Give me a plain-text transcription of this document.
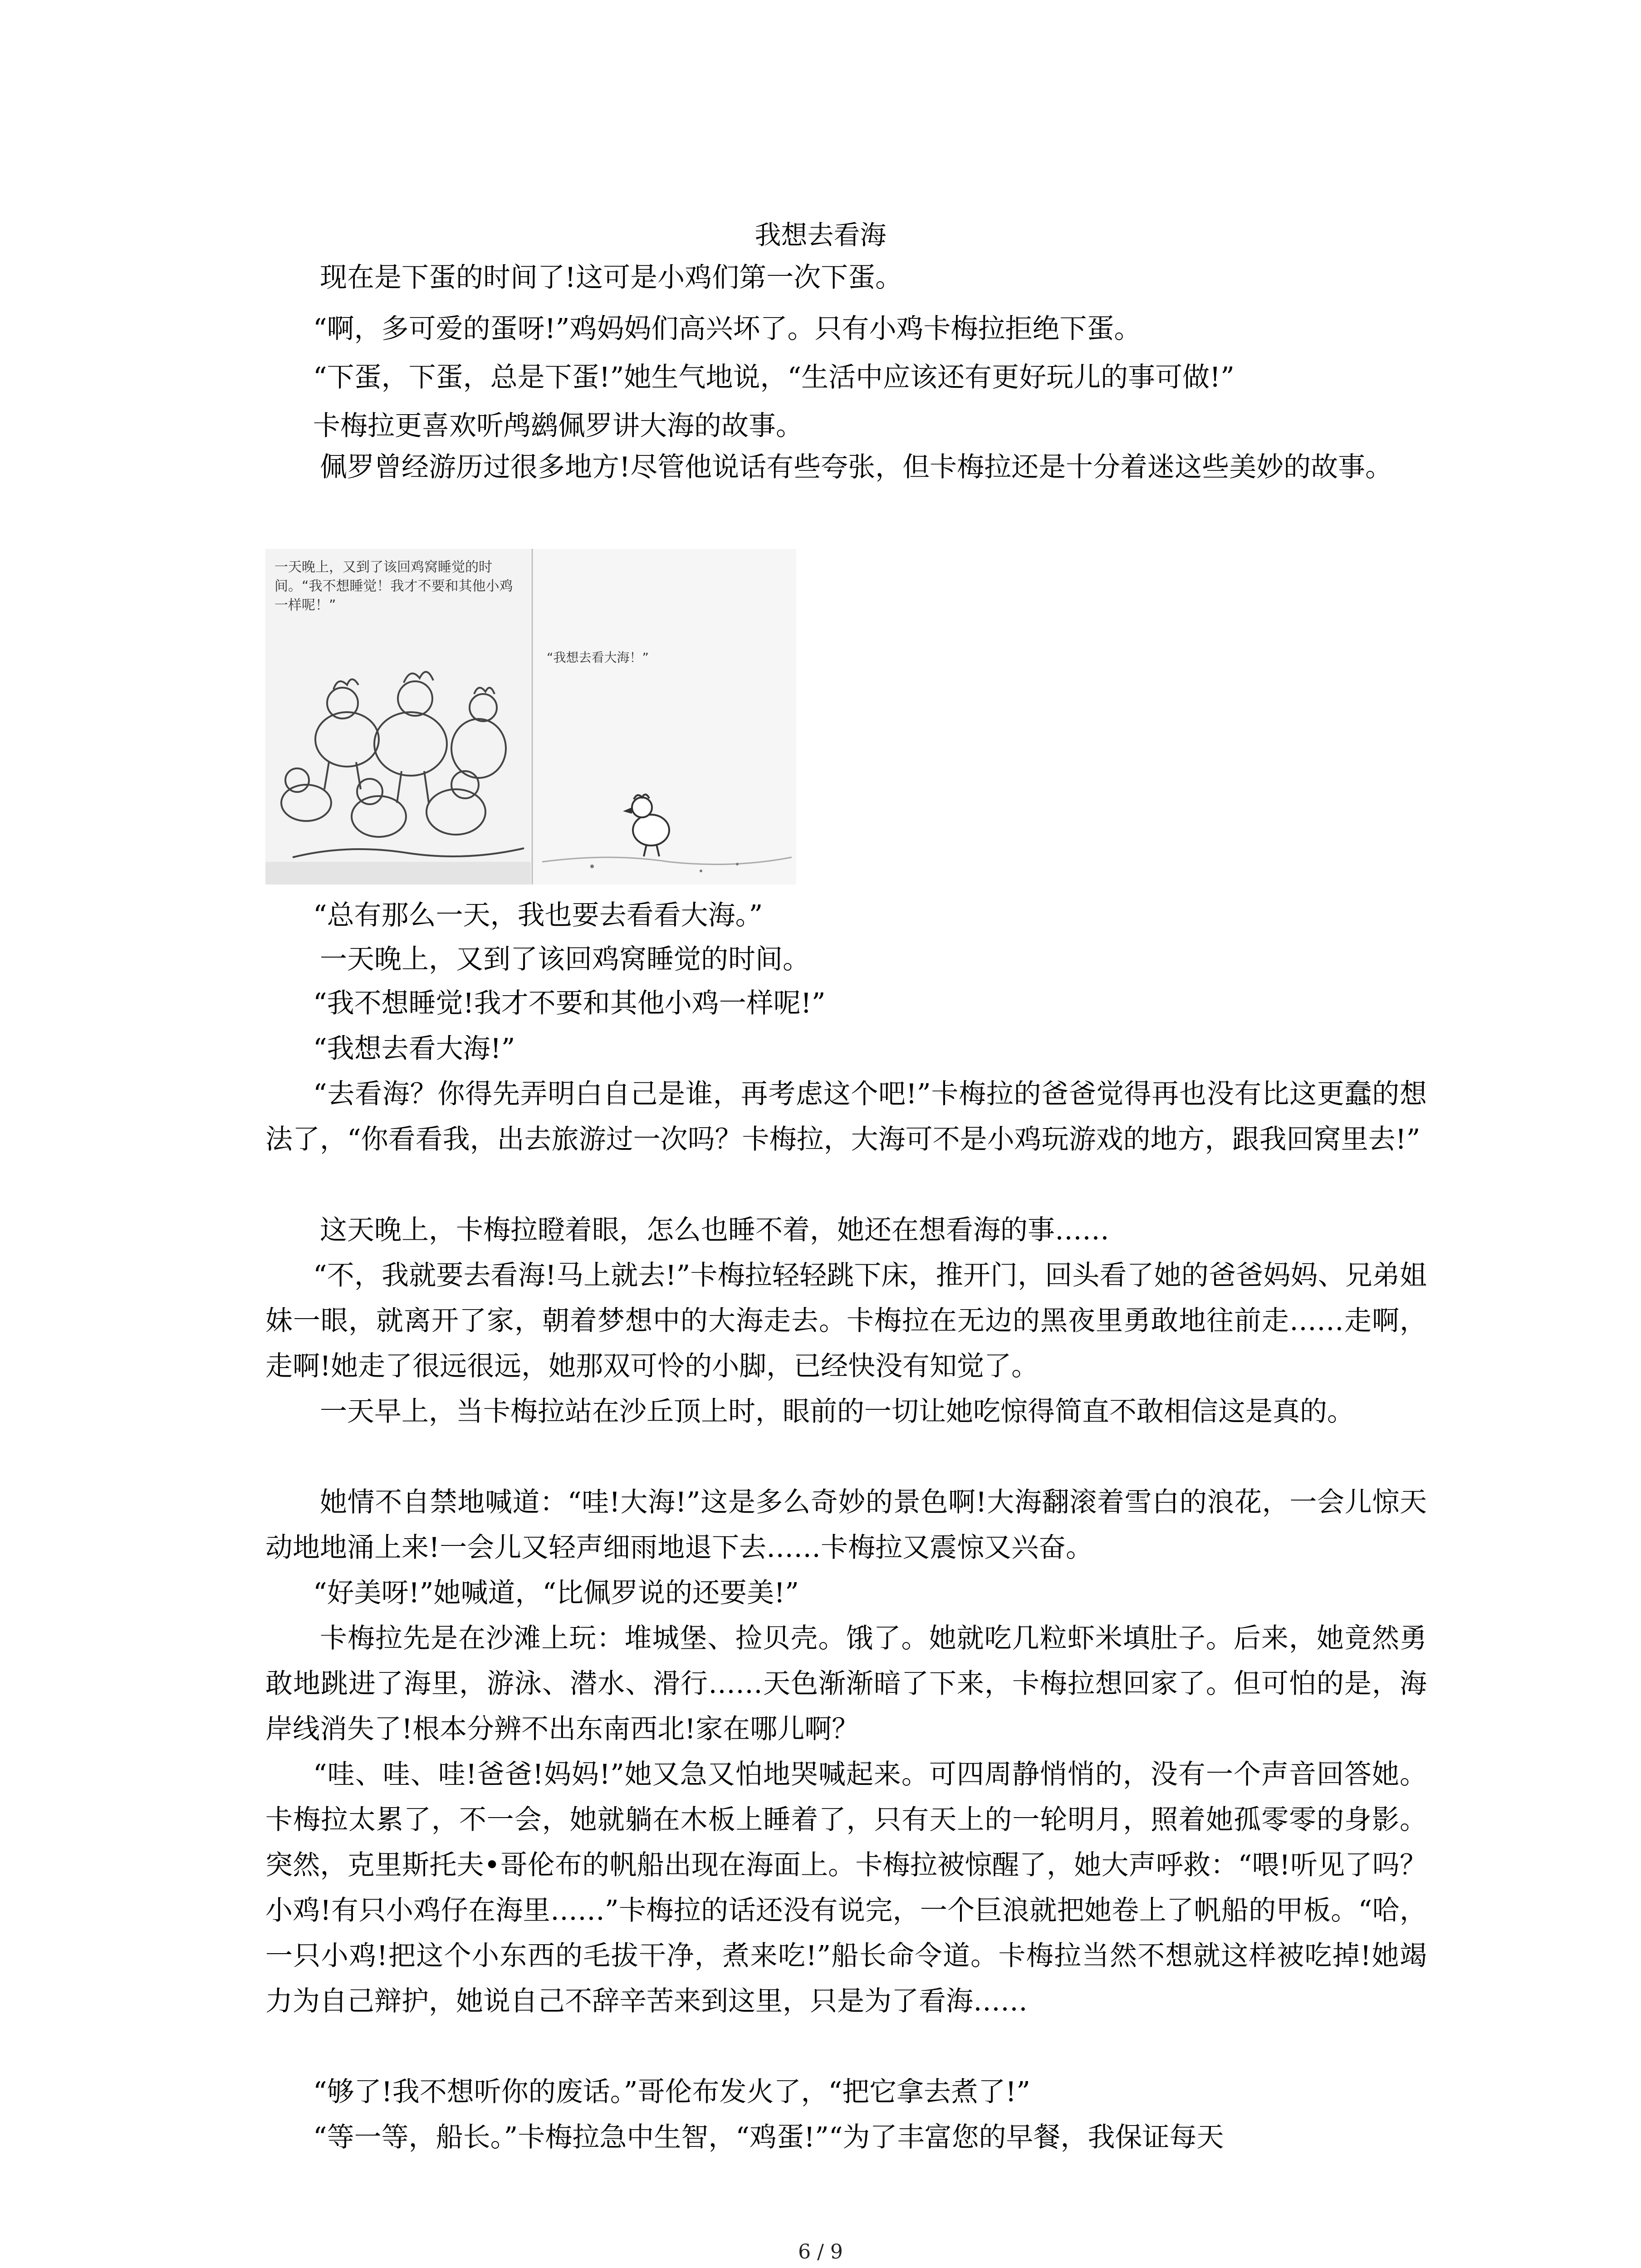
我想去看海

现在是下蛋的时间了!这可是小鸡们第一次下蛋。

“啊，多可爱的蛋呀!”鸡妈妈们高兴坏了。只有小鸡卡梅拉拒绝下蛋。

“下蛋，下蛋，总是下蛋!”她生气地说，“生活中应该还有更好玩儿的事可做!”

卡梅拉更喜欢听鸬鹚佩罗讲大海的故事。

佩罗曾经游历过很多地方!尽管他说话有些夸张，但卡梅拉还是十分着迷这些美妙的故事。

一天晚上，又到了该回鸡窝睡觉的时间。“我不想睡觉！我才不要和其他小鸡一样呢！”
“我想去看大海！”

“总有那么一天，我也要去看看大海。”

一天晚上，又到了该回鸡窝睡觉的时间。

“我不想睡觉!我才不要和其他小鸡一样呢!”

“我想去看大海!”

“去看海？你得先弄明白自己是谁，再考虑这个吧!”卡梅拉的爸爸觉得再也没有比这更蠢的想法了，“你看看我，出去旅游过一次吗？卡梅拉，大海可不是小鸡玩游戏的地方，跟我回窝里去!”

这天晚上，卡梅拉瞪着眼，怎么也睡不着，她还在想看海的事……

“不，我就要去看海!马上就去!”卡梅拉轻轻跳下床，推开门，回头看了她的爸爸妈妈、兄弟姐妹一眼，就离开了家，朝着梦想中的大海走去。卡梅拉在无边的黑夜里勇敢地往前走……走啊，走啊!她走了很远很远，她那双可怜的小脚，已经快没有知觉了。

一天早上，当卡梅拉站在沙丘顶上时，眼前的一切让她吃惊得简直不敢相信这是真的。

她情不自禁地喊道：“哇!大海!”这是多么奇妙的景色啊!大海翻滚着雪白的浪花，一会儿惊天动地地涌上来!一会儿又轻声细雨地退下去……卡梅拉又震惊又兴奋。

“好美呀!”她喊道，“比佩罗说的还要美!”

卡梅拉先是在沙滩上玩：堆城堡、捡贝壳。饿了。她就吃几粒虾米填肚子。后来，她竟然勇敢地跳进了海里，游泳、潜水、滑行……天色渐渐暗了下来，卡梅拉想回家了。但可怕的是，海岸线消失了!根本分辨不出东南西北!家在哪儿啊？

“哇、哇、哇!爸爸!妈妈!”她又急又怕地哭喊起来。可四周静悄悄的，没有一个声音回答她。卡梅拉太累了，不一会，她就躺在木板上睡着了，只有天上的一轮明月，照着她孤零零的身影。突然，克里斯托夫•哥伦布的帆船出现在海面上。卡梅拉被惊醒了，她大声呼救：“喂!听见了吗？小鸡!有只小鸡仔在海里……”卡梅拉的话还没有说完，一个巨浪就把她卷上了帆船的甲板。“哈，一只小鸡!把这个小东西的毛拔干净，煮来吃!”船长命令道。卡梅拉当然不想就这样被吃掉!她竭力为自己辩护，她说自己不辞辛苦来到这里，只是为了看海……

“够了!我不想听你的废话。”哥伦布发火了，“把它拿去煮了!”

“等一等，船长。”卡梅拉急中生智，“鸡蛋!”“为了丰富您的早餐，我保证每天

6 / 9
